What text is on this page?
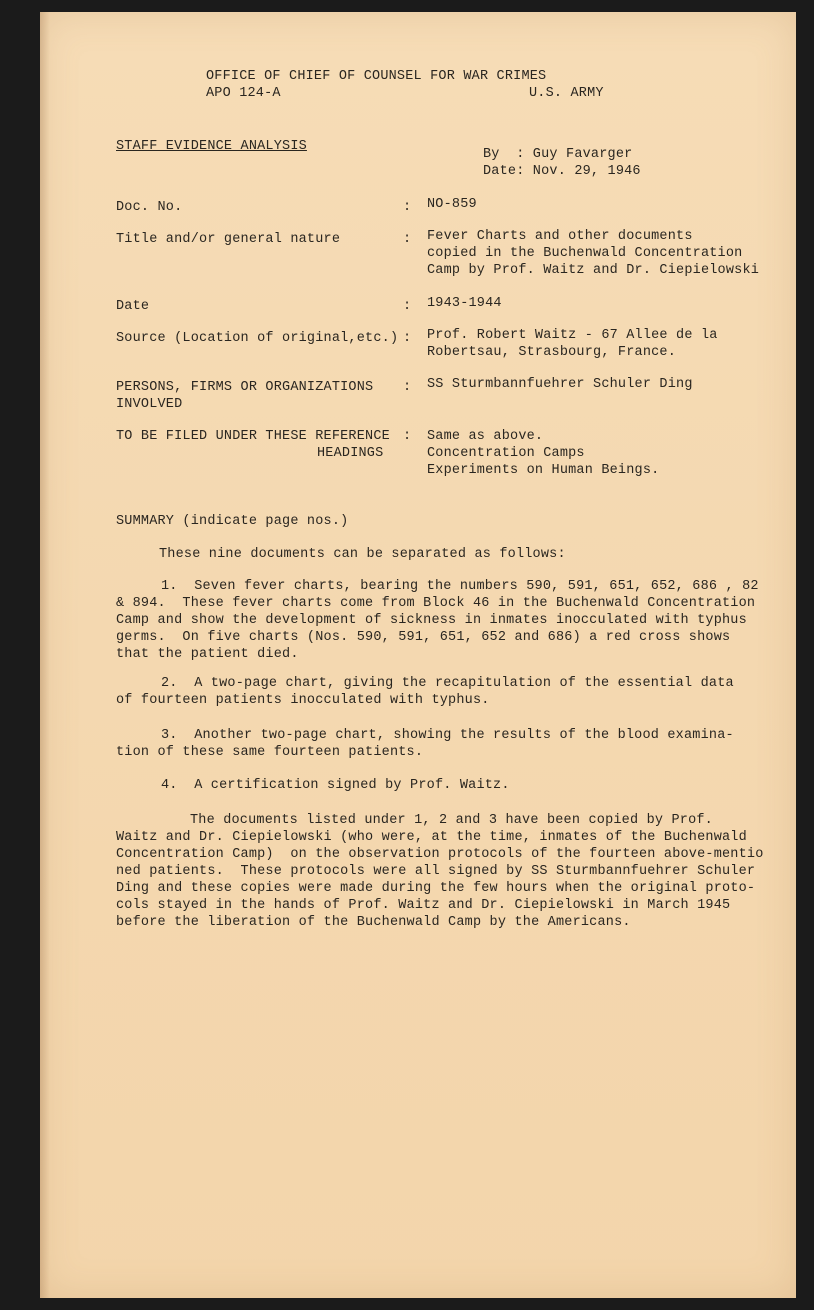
OFFICE OF CHIEF OF COUNSEL FOR WAR CRIMES
APO 124-A	U.S. ARMY
STAFF EVIDENCE ANALYSIS
By  : Guy Favarger
Date: Nov. 29, 1946
Doc. No.	: NO-859
Title and/or general nature	: Fever Charts and other documents
copied in the Buchenwald Concentration
Camp by Prof. Waitz and Dr. Ciepielowski
Date	: 1943-1944
Source (Location of original,etc.) : Prof. Robert Waitz - 67 Allee de la
Robertsau, Strasbourg, France.
PERSONS, FIRMS OR ORGANIZATIONS
INVOLVED
: SS Sturmbannfuehrer Schuler Ding
TO BE FILED UNDER THESE REFERENCE
HEADINGS
: Same as above.
Concentration Camps
Experiments on Human Beings.
SUMMARY (indicate page nos.)
These nine documents can be separated as follows:
1.  Seven fever charts, bearing the numbers 590, 591, 651, 652, 686 , 82
& 894.  These fever charts come from Block 46 in the Buchenwald Concentration
Camp and show the development of sickness in inmates inocculated with typhus
germs.  On five charts (Nos. 590, 591, 651, 652 and 686) a red cross shows
that the patient died.
2.  A two-page chart, giving the recapitulation of the essential data
of fourteen patients inocculated with typhus.
3.  Another two-page chart, showing the results of the blood examina-
tion of these same fourteen patients.
4.  A certification signed by Prof. Waitz.
The documents listed under 1, 2 and 3 have been copied by Prof.
Waitz and Dr. Ciepielowski (who were, at the time, inmates of the Buchenwald
Concentration Camp)  on the observation protocols of the fourteen above-mentio
ned patients.  These protocols were all signed by SS Sturmbannfuehrer Schuler
Ding and these copies were made during the few hours when the original proto-
cols stayed in the hands of Prof. Waitz and Dr. Ciepielowski in March 1945
before the liberation of the Buchenwald Camp by the Americans.
